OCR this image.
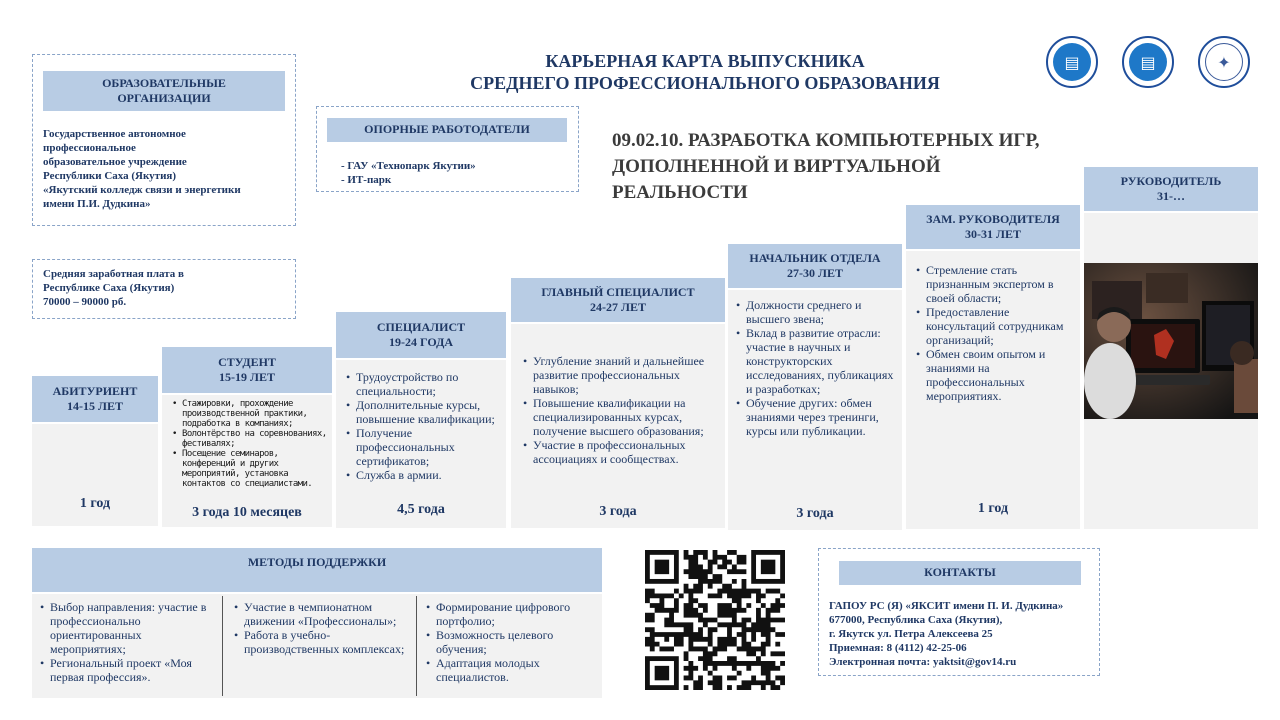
▤	▤	✦
КАРЬЕРНАЯ КАРТА ВЫПУСКНИКА
СРЕДНЕГО ПРОФЕССИОНАЛЬНОГО ОБРАЗОВАНИЯ
09.02.10. РАЗРАБОТКА КОМПЬЮТЕРНЫХ ИГР,
ДОПОЛНЕННОЙ И ВИРТУАЛЬНОЙ
РЕАЛЬНОСТИ
ОБРАЗОВАТЕЛЬНЫЕ
ОРГАНИЗАЦИИ
Государственное автономное
профессиональное
образовательное учреждение
Республики Саха (Якутия)
«Якутский колледж связи и энергетики
имени П.И. Дудкина»
ОПОРНЫЕ РАБОТОДАТЕЛИ
- ГАУ «Технопарк Якутии»
- ИТ-парк
Средняя заработная плата в
Республике Саха (Якутия)
70000 – 90000 рб.
АБИТУРИЕНТ
14-15 ЛЕТ
1 год
СТУДЕНТ
15-19 ЛЕТ
• Стажировки, прохождение производственной практики, подработка в компаниях;
• Волонтёрство на соревнованиях, фестивалях;
• Посещение семинаров, конференций и других мероприятий, установка контактов со специалистами.
3 года 10 месяцев
СПЕЦИАЛИСТ
19-24 ГОДА
• Трудоустройство по специальности;
• Дополнительные курсы, повышение квалификации;
• Получение профессиональных сертификатов;
• Служба в армии.
4,5 года
ГЛАВНЫЙ СПЕЦИАЛИСТ
24-27 ЛЕТ
• Углубление знаний и дальнейшее развитие профессиональных навыков;
• Повышение квалификации на специализированных курсах, получение высшего образования;
• Участие в профессиональных ассоциациях и сообществах.
3 года
НАЧАЛЬНИК ОТДЕЛА
27-30 ЛЕТ
• Должности среднего и высшего звена;
• Вклад в развитие отрасли: участие в научных и конструкторских исследованиях, публикациях и разработках;
• Обучение других: обмен знаниями через тренинги, курсы или публикации.
3 года
ЗАМ. РУКОВОДИТЕЛЯ
30-31 ЛЕТ
• Стремление стать признанным экспертом в своей области;
• Предоставление консультаций сотрудникам организаций;
• Обмен своим опытом и знаниями на профессиональных мероприятиях.
1 год
РУКОВОДИТЕЛЬ
31-…
МЕТОДЫ ПОДДЕРЖКИ
• Выбор направления: участие в профессионально ориентированных мероприятиях;
• Региональный проект «Моя первая профессия».
• Участие в чемпионатном движении «Профессионалы»;
• Работа в учебно-производственных комплексах;
• Формирование цифрового портфолио;
• Возможность целевого обучения;
• Адаптация молодых специалистов.
КОНТАКТЫ
ГАПОУ РС (Я) «ЯКСИТ имени П. И. Дудкина»
677000, Республика Саха (Якутия),
г. Якутск ул. Петра Алексеева 25
Приемная: 8 (4112) 42-25-06
Электронная почта: yaktsit@gov14.ru
